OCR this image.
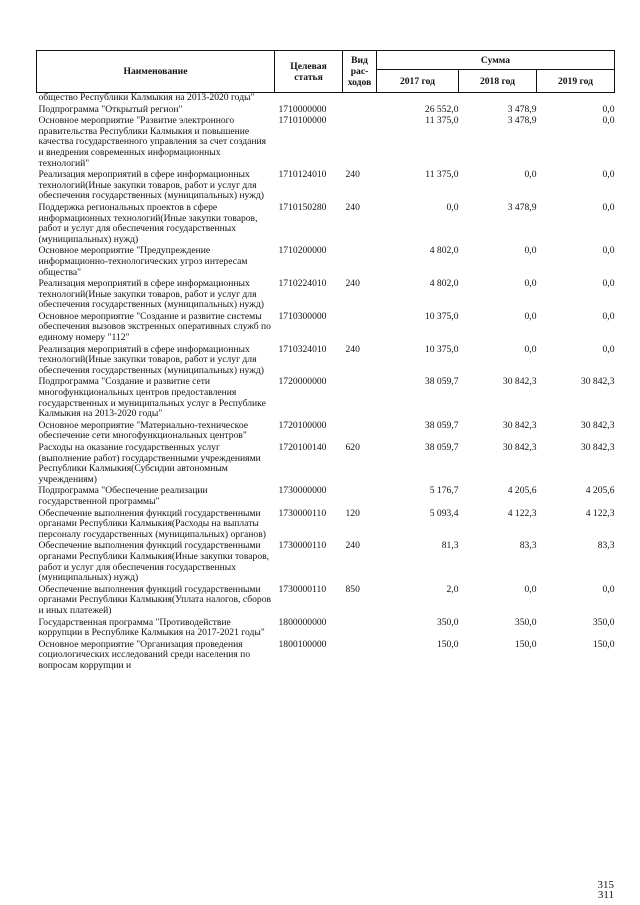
Наименование	Целевая статья	Вид рас-ходов	Сумма		
			2017 год	2018 год	2019 год
общество Республики Калмыкия на 2013-2020 годы"					
Подпрограмма "Открытый регион"	1710000000		26 552,0	3 478,9	0,0
Основное мероприятие "Развитие электронного правительства Республики Калмыкия и повышение качества государственного управления за счет создания и внедрения современных информационных технологий"	1710100000		11 375,0	3 478,9	0,0
Реализация мероприятий в сфере информационных технологий(Иные закупки товаров, работ и услуг для обеспечения государственных (муниципальных) нужд)	1710124010	240	11 375,0	0,0	0,0
Поддержка региональных проектов в сфере информационных технологий(Иные закупки товаров, работ и услуг для обеспечения государственных (муниципальных) нужд)	1710150280	240	0,0	3 478,9	0,0
Основное мероприятие "Предупреждение информационно-технологических угроз интересам общества"	1710200000		4 802,0	0,0	0,0
Реализация мероприятий в сфере информационных технологий(Иные закупки товаров, работ и услуг для обеспечения государственных (муниципальных) нужд)	1710224010	240	4 802,0	0,0	0,0
Основное мероприятие "Создание и развитие системы обеспечения вызовов экстренных оперативных служб по единому номеру "112"	1710300000		10 375,0	0,0	0,0
Реализация мероприятий в сфере информационных технологий(Иные закупки товаров, работ и услуг для обеспечения государственных (муниципальных) нужд)	1710324010	240	10 375,0	0,0	0,0
Подпрограмма "Создание и развитие сети многофункциональных центров предоставления государственных и муниципальных услуг в Республике Калмыкия на 2013-2020 годы"	1720000000		38 059,7	30 842,3	30 842,3
Основное мероприятие "Материально-техническое обеспечение сети многофункциональных центров"	1720100000		38 059,7	30 842,3	30 842,3
Расходы на оказание государственных услуг (выполнение работ) государственными учреждениями Республики Калмыкия(Субсидии автономным учреждениям)	1720100140	620	38 059,7	30 842,3	30 842,3
Подпрограмма "Обеспечение реализации государственной программы"	1730000000		5 176,7	4 205,6	4 205,6
Обеспечение выполнения функций государственными органами Республики Калмыкия(Расходы на выплаты персоналу государственных (муниципальных) органов)	1730000110	120	5 093,4	4 122,3	4 122,3
Обеспечение выполнения функций государственными органами Республики Калмыкия(Иные закупки товаров, работ и услуг для обеспечения государственных (муниципальных) нужд)	1730000110	240	81,3	83,3	83,3
Обеспечение выполнения функций государственными органами Республики Калмыкия(Уплата налогов, сборов и иных платежей)	1730000110	850	2,0	0,0	0,0
Государственная программа "Противодействие коррупции в Республике Калмыкия на 2017-2021 годы"	1800000000		350,0	350,0	350,0
Основное мероприятие "Организация проведения социологических исследований среди населения по вопросам коррупции и	1800100000		150,0	150,0	150,0
315
311
